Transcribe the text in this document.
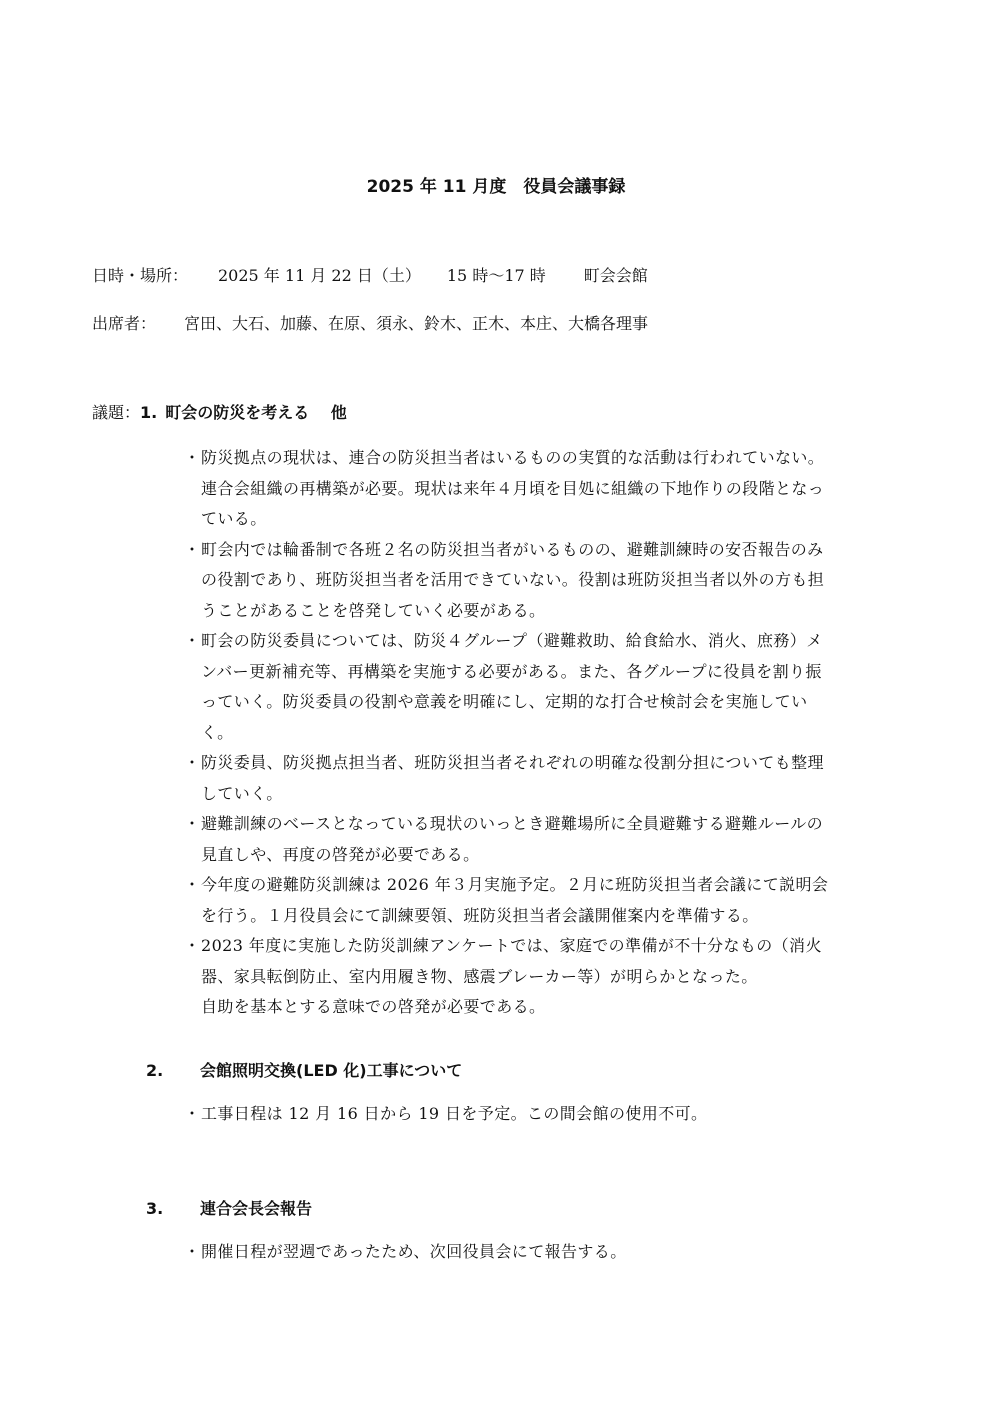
2025 年 11 月度　役員会議事録
日時・場所： 2025 年 11 月 22 日（土） 15 時～17 時 町会会館
出席者： 宮田、大石、加藤、在原、須永、鈴木、正木、本庄、大橋各理事
議題：1. 町会の防災を考える　 他
・ 防災拠点の現状は、連合の防災担当者はいるものの実質的な活動は行われていない。
連合会組織の再構築が必要。現状は来年４月頃を目処に組織の下地作りの段階となっ
ている。
・ 町会内では輪番制で各班２名の防災担当者がいるものの、避難訓練時の安否報告のみ
の役割であり、班防災担当者を活用できていない。役割は班防災担当者以外の方も担
うことがあることを啓発していく必要がある。
・ 町会の防災委員については、防災４グループ（避難救助、給食給水、消火、庶務）メ
ンバー更新補充等、再構築を実施する必要がある。また、各グループに役員を割り振
っていく。防災委員の役割や意義を明確にし、定期的な打合せ検討会を実施してい
く。
・ 防災委員、防災拠点担当者、班防災担当者それぞれの明確な役割分担についても整理
していく。
・ 避難訓練のベースとなっている現状のいっとき避難場所に全員避難する避難ルールの
見直しや、再度の啓発が必要である。
・ 今年度の避難防災訓練は 2026 年３月実施予定。２月に班防災担当者会議にて説明会
を行う。１月役員会にて訓練要領、班防災担当者会議開催案内を準備する。
・ 2023 年度に実施した防災訓練アンケートでは、家庭での準備が不十分なもの（消火
器、家具転倒防止、室内用履き物、感震ブレーカー等）が明らかとなった。
自助を基本とする意味での啓発が必要である。
2. 会館照明交換(LED 化)工事について
・ 工事日程は 12 月 16 日から 19 日を予定。この間会館の使用不可。
3. 連合会長会報告
・ 開催日程が翌週であったため、次回役員会にて報告する。
